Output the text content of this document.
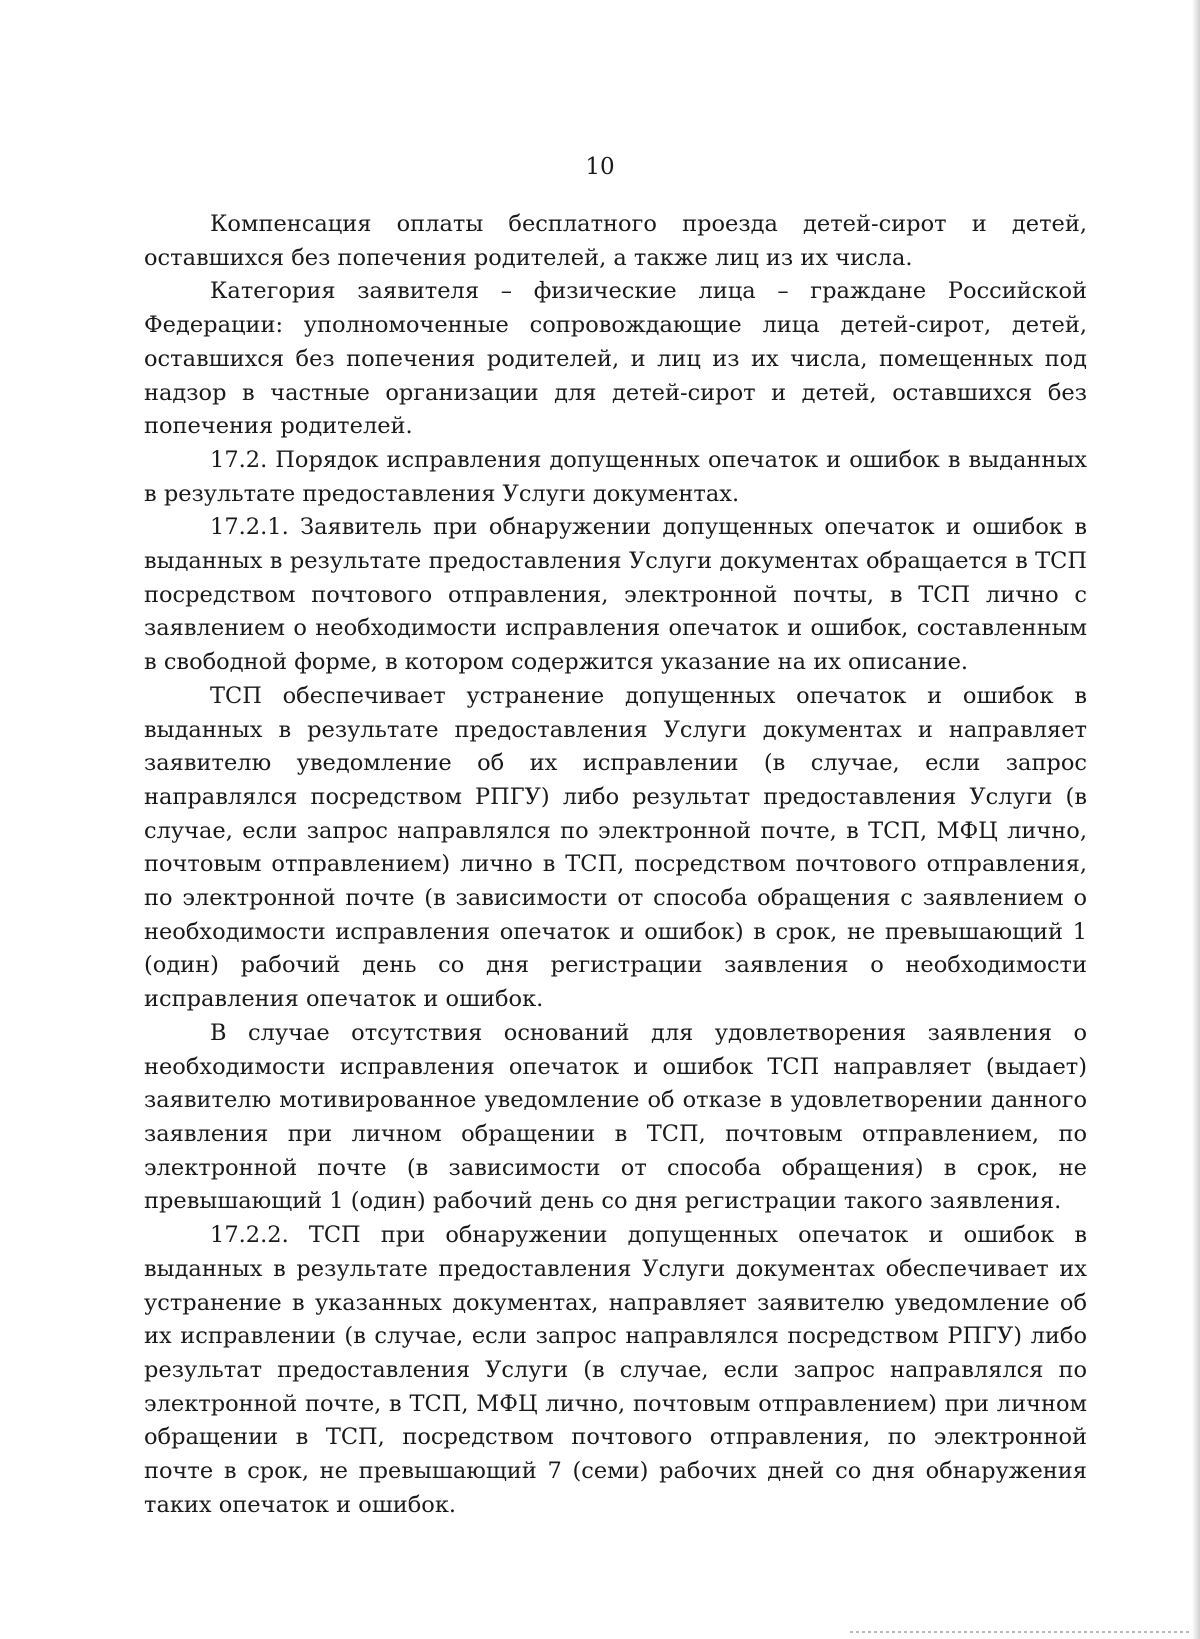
10

Компенсация оплаты бесплатного проезда детей-сирот и детей, оставшихся без попечения родителей, а также лиц из их числа.

Категория заявителя – физические лица – граждане Российской Федерации: уполномоченные сопровождающие лица детей-сирот, детей, оставшихся без попечения родителей, и лиц из их числа, помещенных под надзор в частные организации для детей-сирот и детей, оставшихся без попечения родителей.

17.2. Порядок исправления допущенных опечаток и ошибок в выданных в результате предоставления Услуги документах.

17.2.1. Заявитель при обнаружении допущенных опечаток и ошибок в выданных в результате предоставления Услуги документах обращается в ТСП посредством почтового отправления, электронной почты, в ТСП лично с заявлением о необходимости исправления опечаток и ошибок, составленным в свободной форме, в котором содержится указание на их описание.

ТСП обеспечивает устранение допущенных опечаток и ошибок в выданных в результате предоставления Услуги документах и направляет заявителю уведомление об их исправлении (в случае, если запрос направлялся посредством РПГУ) либо результат предоставления Услуги (в случае, если запрос направлялся по электронной почте, в ТСП, МФЦ лично, почтовым отправлением) лично в ТСП, посредством почтового отправления, по электронной почте (в зависимости от способа обращения с заявлением о необходимости исправления опечаток и ошибок) в срок, не превышающий 1 (один) рабочий день со дня регистрации заявления о необходимости исправления опечаток и ошибок.

В случае отсутствия оснований для удовлетворения заявления о необходимости исправления опечаток и ошибок ТСП направляет (выдает) заявителю мотивированное уведомление об отказе в удовлетворении данного заявления при личном обращении в ТСП, почтовым отправлением, по электронной почте (в зависимости от способа обращения) в срок, не превышающий 1 (один) рабочий день со дня регистрации такого заявления.

17.2.2. ТСП при обнаружении допущенных опечаток и ошибок в выданных в результате предоставления Услуги документах обеспечивает их устранение в указанных документах, направляет заявителю уведомление об их исправлении (в случае, если запрос направлялся посредством РПГУ) либо результат предоставления Услуги (в случае, если запрос направлялся по электронной почте, в ТСП, МФЦ лично, почтовым отправлением) при личном обращении в ТСП, посредством почтового отправления, по электронной почте в срок, не превышающий 7 (семи) рабочих дней со дня обнаружения таких опечаток и ошибок.
